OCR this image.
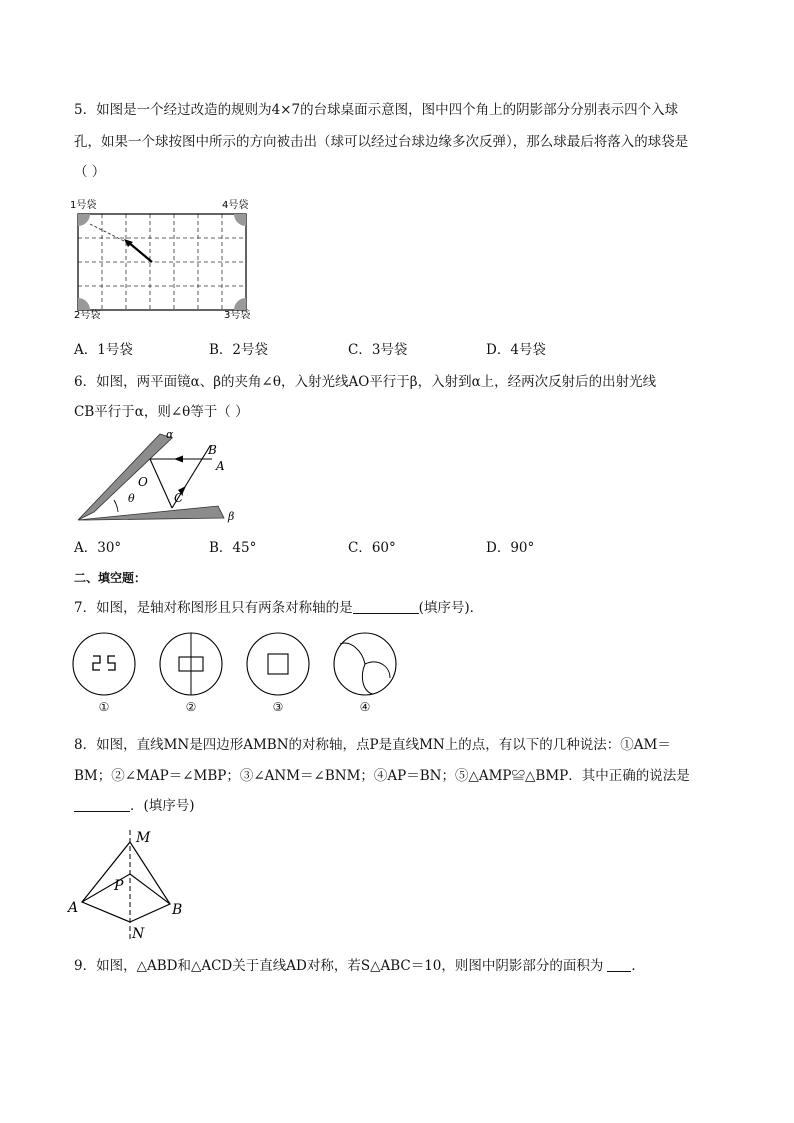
5．如图是一个经过改造的规则为4×7的台球桌面示意图，图中四个角上的阴影部分分别表示四个入球
孔，如果一个球按图中所示的方向被击出（球可以经过台球边缘多次反弹），那么球最后将落入的球袋是
（ ）
1号袋	4号袋
2号袋	3号袋
A．1号袋	B．2号袋	C．3号袋	D．4号袋
6．如图，两平面镜α、β的夹角∠θ，入射光线AO平行于β，入射到α上，经两次反射后的出射光线
CB平行于α，则∠θ等于（ ）
α
β
B
A
O
C
θ
A．30°	B．45°	C．60°	D．90°
二、填空题：
7．如图，是轴对称图形且只有两条对称轴的是	(填序号)．
①	②	③	④
8．如图，直线MN是四边形AMBN的对称轴，点P是直线MN上的点，有以下的几种说法：①AM＝
BM；②∠MAP＝∠MBP；③∠ANM＝∠BNM；④AP＝BN；⑤△AMP≌△BMP．其中正确的说法是
．(填序号)
M
N
A	B
P
9．如图，△ABD和△ACD关于直线AD对称，若S△ABC＝10，则图中阴影部分的面积为 ．
